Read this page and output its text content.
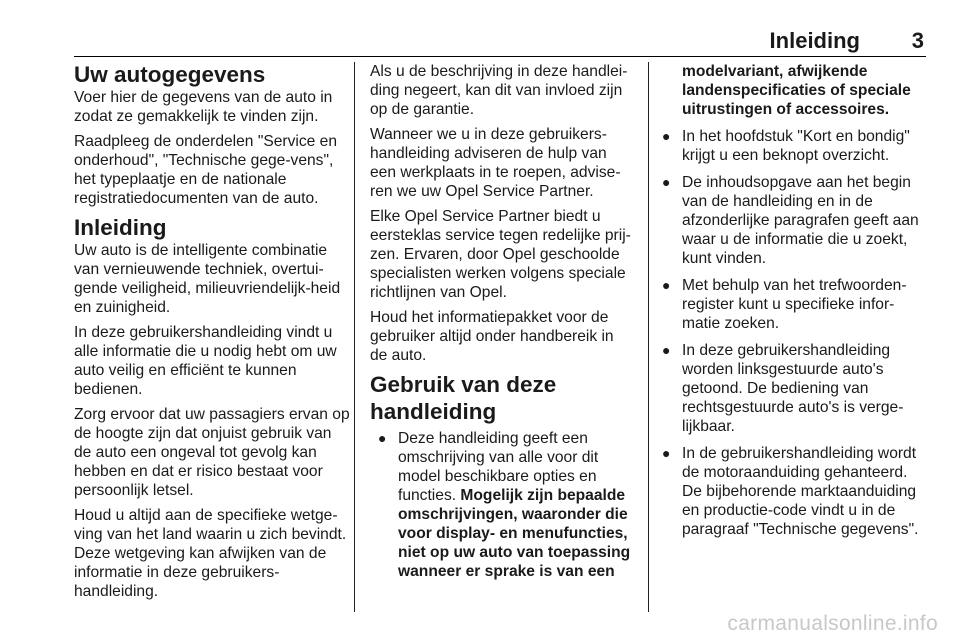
Inleiding 3
Uw autogegevens

Voer hier de gegevens van de auto in zodat ze gemakkelijk te vinden zijn.

Raadpleeg de onderdelen "Service en onderhoud", "Technische gege-vens", het typeplaatje en de nationale registratiedocumenten van de auto.

Inleiding

Uw auto is de intelligente combinatie van vernieuwende techniek, overtui-gende veiligheid, milieuvriendelijk-heid en zuinigheid.

In deze gebruikershandleiding vindt u alle informatie die u nodig hebt om uw auto veilig en efficiënt te kunnen bedienen.

Zorg ervoor dat uw passagiers ervan op de hoogte zijn dat onjuist gebruik van de auto een ongeval tot gevolg kan hebben en dat er risico bestaat voor persoonlijk letsel.

Houd u altijd aan de specifieke wetge-ving van het land waarin u zich bevindt. Deze wetgeving kan afwijken van de informatie in deze gebruikers-handleiding.

Als u de beschrijving in deze handlei-ding negeert, kan dit van invloed zijn op de garantie.

Wanneer we u in deze gebruikers-handleiding adviseren de hulp van een werkplaats in te roepen, advise-ren we uw Opel Service Partner.

Elke Opel Service Partner biedt u eersteklas service tegen redelijke prij-zen. Ervaren, door Opel geschoolde specialisten werken volgens speciale richtlijnen van Opel.

Houd het informatiepakket voor de gebruiker altijd onder handbereik in de auto.

Gebruik van deze handleiding
● Deze handleiding geeft een omschrijving van alle voor dit model beschikbare opties en functies. Mogelijk zijn bepaalde omschrijvingen, waaronder die voor display- en menufuncties, niet op uw auto van toepassing wanneer er sprake is van een
modelvariant, afwijkende landenspecificaties of speciale uitrustingen of accessoires.
● In het hoofdstuk "Kort en bondig" krijgt u een beknopt overzicht.
● De inhoudsopgave aan het begin van de handleiding en in de afzonderlijke paragrafen geeft aan waar u de informatie die u zoekt, kunt vinden.
● Met behulp van het trefwoorden-register kunt u specifieke infor-matie zoeken.
● In deze gebruikershandleiding worden linksgestuurde auto's getoond. De bediening van rechtsgestuurde auto's is verge-lijkbaar.
● In de gebruikershandleiding wordt de motoraanduiding gehanteerd. De bijbehorende marktaanduiding en productie-code vindt u in de paragraaf "Technische gegevens".
carmanualsonline.info
